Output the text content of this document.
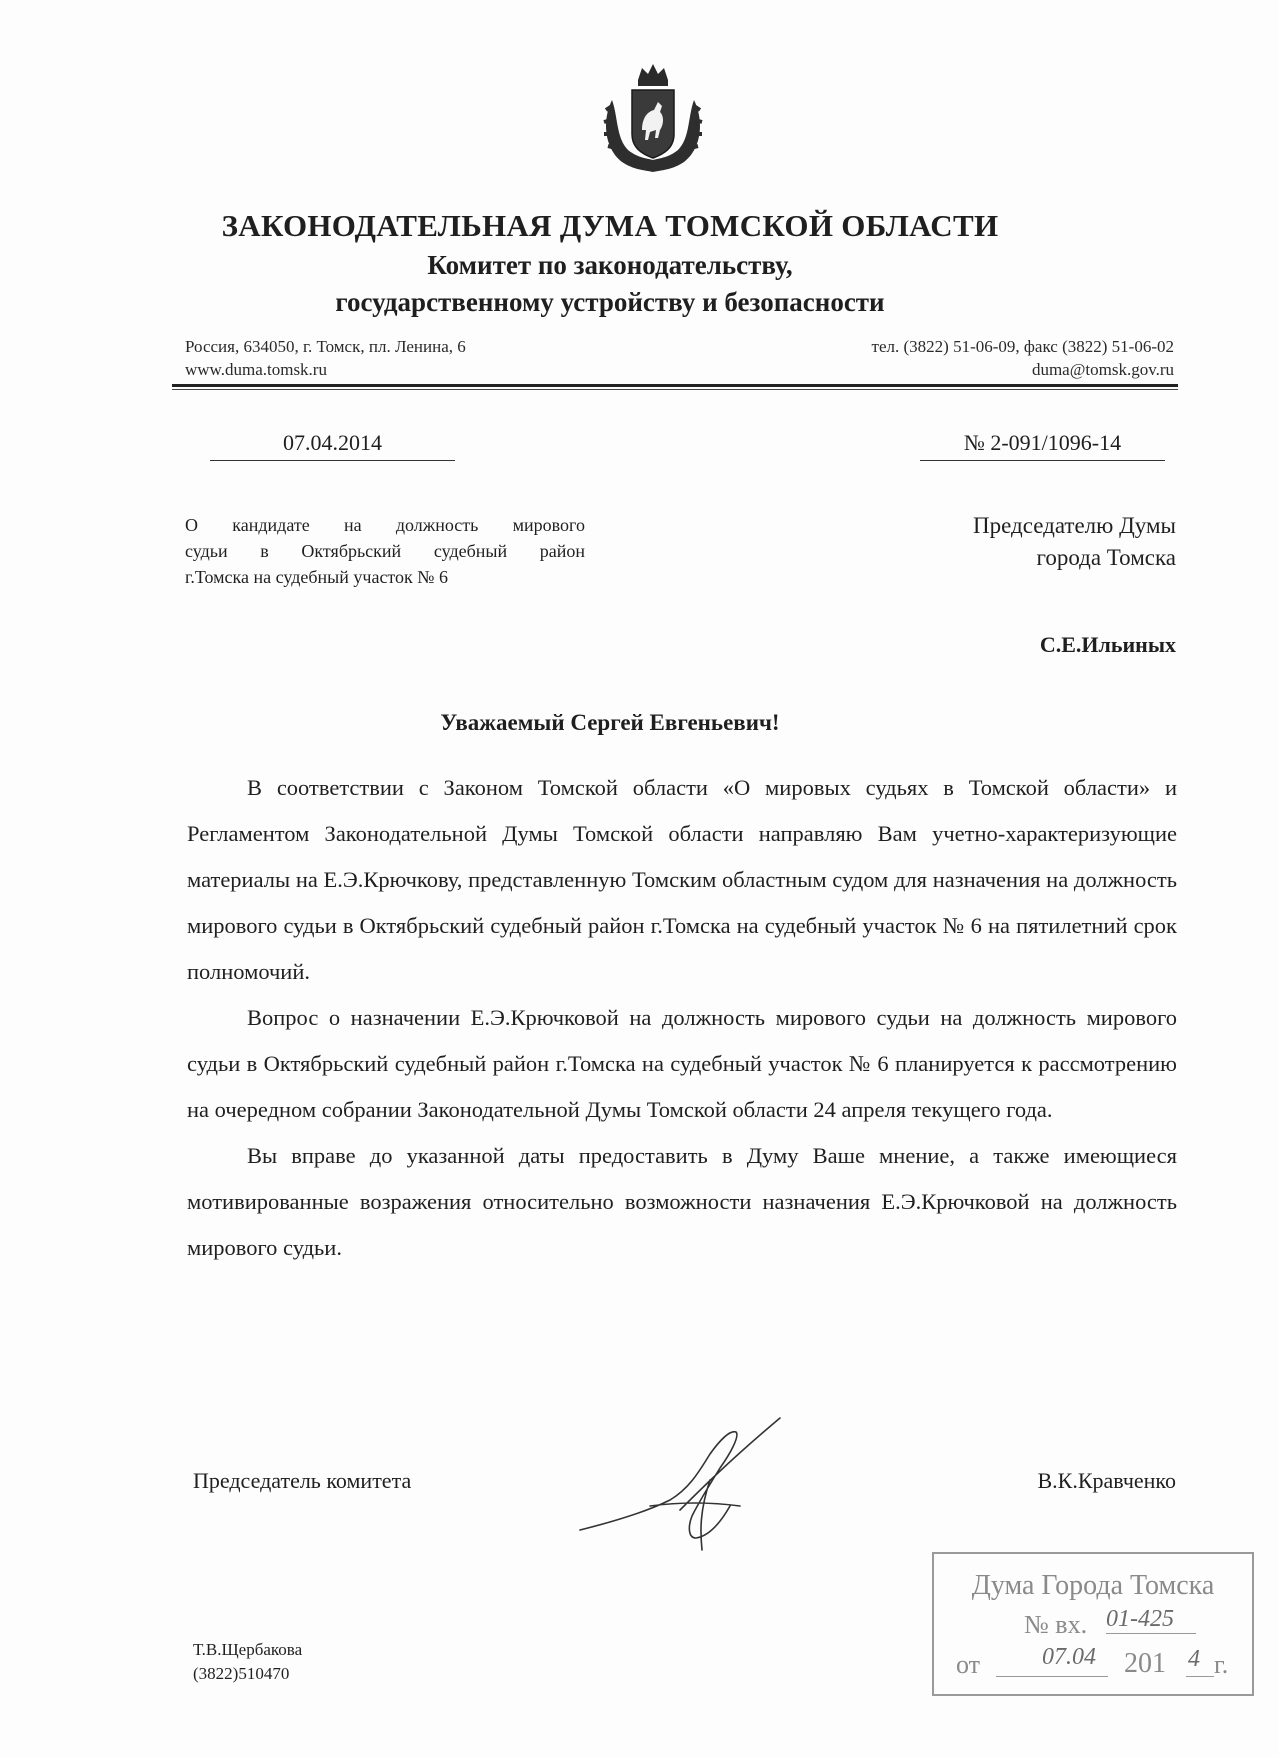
ЗАКОНОДАТЕЛЬНАЯ ДУМА ТОМСКОЙ ОБЛАСТИ
Комитет по законодательству,
государственному устройству и безопасности
Россия, 634050, г. Томск, пл. Ленина, 6
www.duma.tomsk.ru
тел. (3822) 51-06-09, факс (3822) 51-06-02
duma@tomsk.gov.ru
07.04.2014	№ 2-091/1096-14
О кандидате на должность мирового
судьи в Октябрьский судебный район
г.Томска на судебный участок № 6
Председателю Думы
города Томска
С.Е.Ильиных
Уважаемый Сергей Евгеньевич!

В соответствии с Законом Томской области «О мировых судьях в Томской области» и Регламентом Законодательной Думы Томской области направляю Вам учетно-характеризующие материалы на Е.Э.Крючкову, представленную Томским областным судом для назначения на должность мирового судьи в Октябрьский судебный район г.Томска на судебный участок № 6 на пятилетний срок полномочий.

Вопрос о назначении Е.Э.Крючковой на должность мирового судьи на должность мирового судьи в Октябрьский судебный район г.Томска на судебный участок № 6 планируется к рассмотрению на очередном собрании Законодательной Думы Томской области 24 апреля текущего года.

Вы вправе до указанной даты предоставить в Думу Ваше мнение, а также имеющиеся мотивированные возражения относительно возможности назначения Е.Э.Крючковой на должность мирового судьи.

Председатель комитета	В.К.Кравченко
Т.В.Щербакова
(3822)510470
Дума Города Томска
№ вх. 01-425
от	07.04 201 4 г.
